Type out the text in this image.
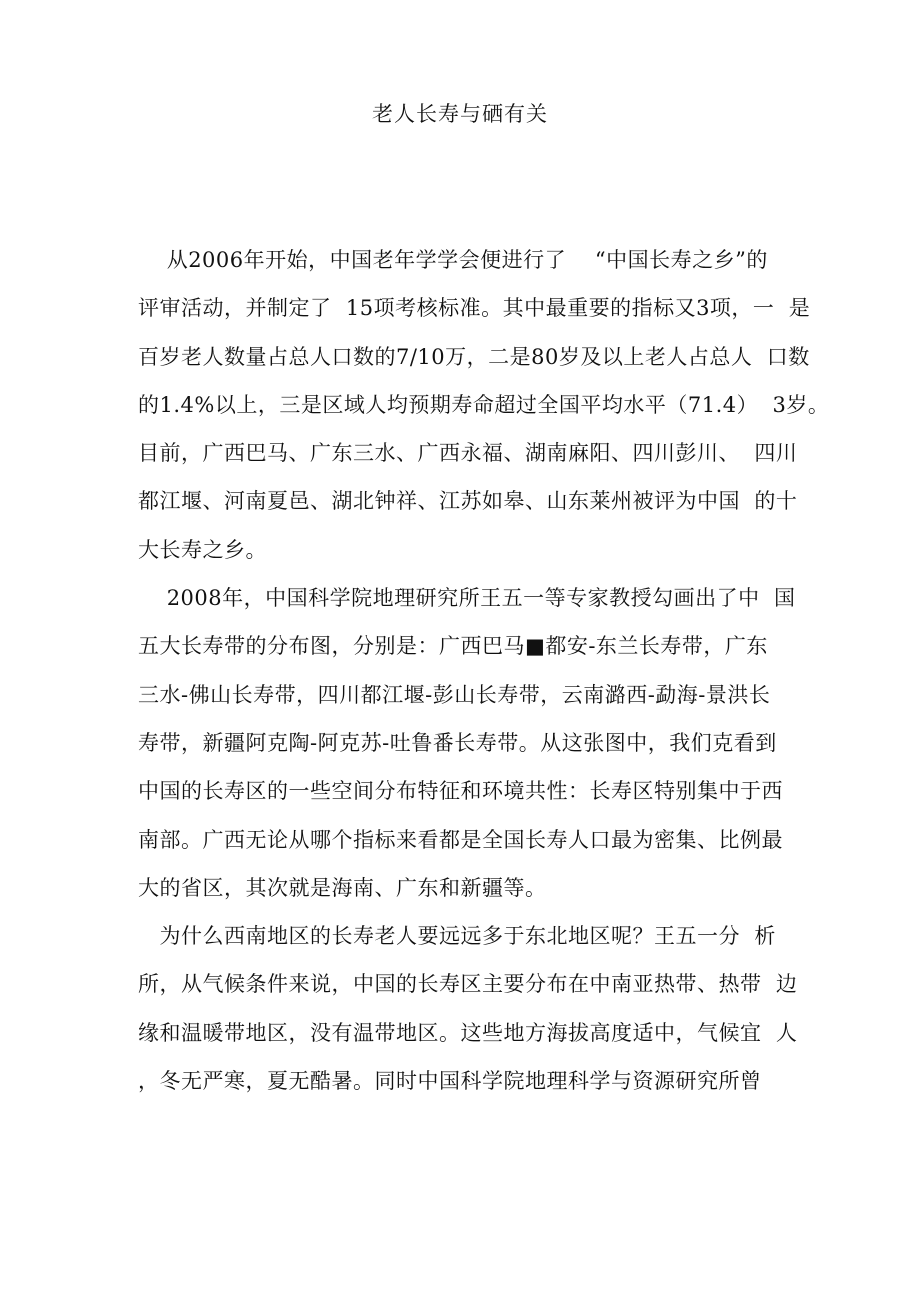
老人长寿与硒有关
从2006年开始，中国老年学学会便进行了    “中国长寿之乡”的
评审活动，并制定了  15项考核标准。其中最重要的指标又3项，一  是
百岁老人数量占总人口数的7/10万，二是80岁及以上老人占总人  口数
的1.4%以上，三是区域人均预期寿命超过全国平均水平（71.4）  3岁。
目前，广西巴马、广东三水、广西永福、湖南麻阳、四川彭川、  四川
都江堰、河南夏邑、湖北钟祥、江苏如皋、山东莱州被评为中国  的十
大长寿之乡。
2008年，中国科学院地理研究所王五一等专家教授勾画出了中  国
五大长寿带的分布图，分别是：广西巴马■都安-东兰长寿带，广东
三水-佛山长寿带，四川都江堰-彭山长寿带，云南潞西-勐海-景洪长
寿带，新疆阿克陶-阿克苏-吐鲁番长寿带。从这张图中，我们克看到
中国的长寿区的一些空间分布特征和环境共性：长寿区特别集中于西
南部。广西无论从哪个指标来看都是全国长寿人口最为密集、比例最
大的省区，其次就是海南、广东和新疆等。
为什么西南地区的长寿老人要远远多于东北地区呢？王五一分  析
所，从气候条件来说，中国的长寿区主要分布在中南亚热带、热带  边
缘和温暖带地区，没有温带地区。这些地方海拔高度适中，气候宜  人
，冬无严寒，夏无酷暑。同时中国科学院地理科学与资源研究所曾
